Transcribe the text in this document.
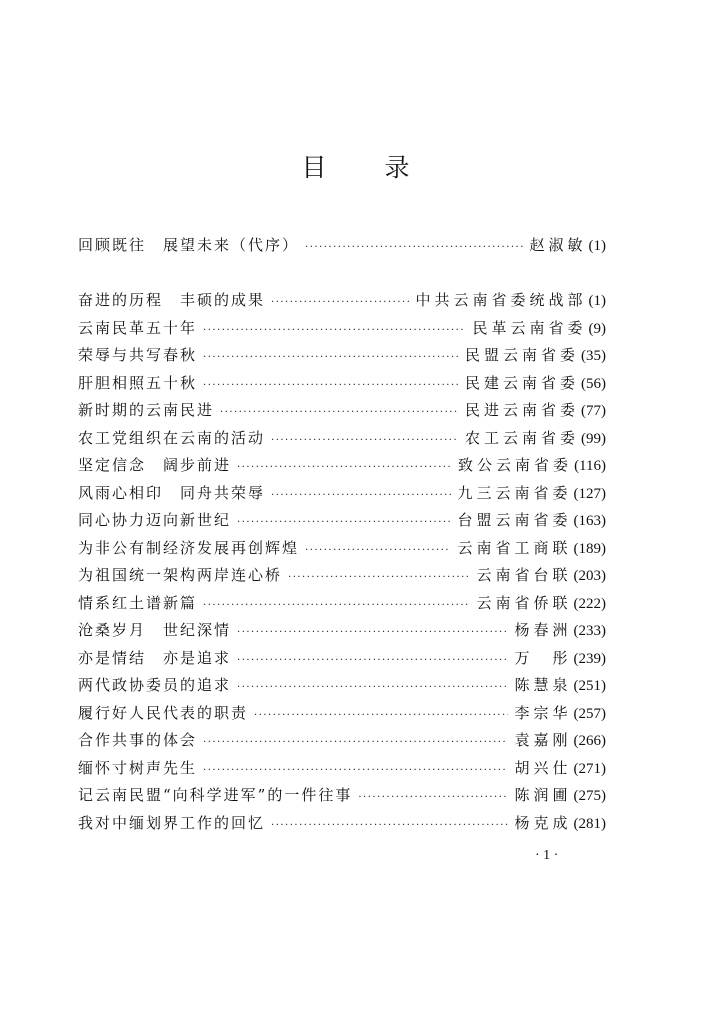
目 录
回顾既往　展望未来（代序） ·····	赵淑敏 (1)
奋进的历程　丰硕的成果 ·····	中共云南省委统战部 (1)
云南民革五十年 ·····	民革云南省委 (9)
荣辱与共写春秋 ·····	民盟云南省委 (35)
肝胆相照五十秋 ·····	民建云南省委 (56)
新时期的云南民进 ·····	民进云南省委 (77)
农工党组织在云南的活动 ·····	农工云南省委 (99)
坚定信念　阔步前进 ·····	致公云南省委 (116)
风雨心相印　同舟共荣辱 ·····	九三云南省委 (127)
同心协力迈向新世纪 ·····	台盟云南省委 (163)
为非公有制经济发展再创辉煌 ·····	云南省工商联 (189)
为祖国统一架构两岸连心桥 ·····	云南省台联 (203)
情系红土谱新篇 ·····	云南省侨联 (222)
沧桑岁月　世纪深情 ·····	杨春洲 (233)
亦是情结　亦是追求 ·····	万　彤 (239)
两代政协委员的追求 ·····	陈慧泉 (251)
履行好人民代表的职责 ·····	李宗华 (257)
合作共事的体会 ·····	袁嘉刚 (266)
缅怀寸树声先生 ·····	胡兴仕 (271)
记云南民盟“向科学进军”的一件往事 ·····	陈润圃 (275)
我对中缅划界工作的回忆 ·····	杨克成 (281)
· 1 ·
